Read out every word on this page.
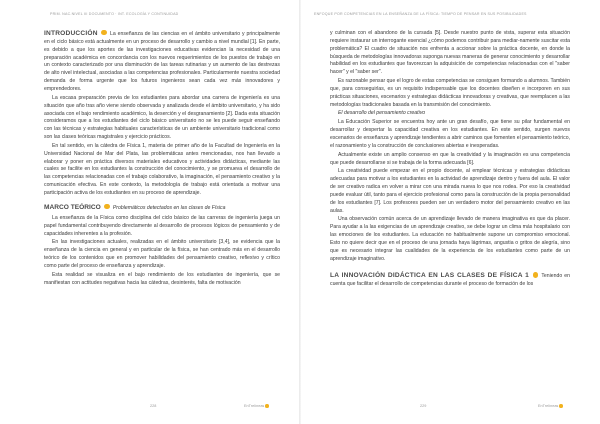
PRIM. NAC.NIVEL III DOCUMENTO · INT. ECOLOGÍA Y CONTINUIDAD

INTRODUCCIÓN La enseñanza de las ciencias en el ámbito universitario y principalmente en el ciclo básico está actualmente en un proceso de desarrollo y cambio a nivel mundial [1]. En parte, es debido a que los aportes de las investigaciones educativas evidencian la necesidad de una preparación académica en concordancia con los nuevos requerimientos de los puestos de trabajo en un contexto caracterizado por una disminución de las tareas rutinarias y un aumento de las destrezas de alto nivel intelectual, asociadas a las competencias profesionales. Particularmente nuestra sociedad demanda de forma urgente que los futuros ingenieros sean cada vez más innovadores y emprendedores.

La escasa preparación previa de los estudiantes para abordar una carrera de ingeniería es una situación que año tras año viene siendo observada y analizada desde el ámbito universitario, y ha sido asociada con el bajo rendimiento académico, la deserción y el desgranamiento [2]. Dada esta situación consideramos que a los estudiantes del ciclo básico universitario no se les puede seguir enseñando con las técnicas y estrategias habituales características de un ambiente universitario tradicional como son las clases teóricas magistrales y ejercicio prácticos.

En tal sentido, en la cátedra de Física 1, materia de primer año de la Facultad de Ingeniería en la Universidad Nacional de Mar del Plata, las problemáticas antes mencionadas, nos han llevado a elaborar y poner en práctica diversos materiales educativos y actividades didácticas, mediante las cuales se facilite en los estudiantes la construcción del conocimiento, y se promueva el desarrollo de las competencias relacionadas con el trabajo colaborativo, la imaginación, el pensamiento creativo y la comunicación efectiva. En este contexto, la metodología de trabajo está orientada a motivar una participación activa de los estudiantes en su proceso de aprendizaje.

MARCO TEÓRICO Problemáticos detectados en las clases de Física

La enseñanza de la Física como disciplina del ciclo básico de las carreras de ingeniería juega un papel fundamental contribuyendo directamente al desarrollo de procesos lógicos de pensamiento y de capacidades inherentes a la profesión.

En las investigaciones actuales, realizadas en el ámbito universitario [3,4], se evidencia que la enseñanza de la ciencia en general y en particular de la física, se han centrado más en el desarrollo teórico de los contenidos que en promover habilidades del pensamiento creativo, reflexivo y crítico como parte del proceso de enseñanza y aprendizaje.

Esta realidad se visualiza en el bajo rendimiento de los estudiantes de ingeniería, que se manifiestan con actitudes negativas hacia las cátedras, desinterés, falta de motivación

228	EnTrelíneas
ENFOQUE POR COMPETENCIAS EN LA ENSEÑANZA DE LA FÍSICA: TIEMPO DE PENSAR EN SUS POSIBILIDADES

y culminan con el abandono de la cursada [5]. Desde nuestro punto de vista, superar esta situación requiere instaurar un interrogante esencial ¿cómo podemos contribuir para mediar-namente suscitar esta problemática? El cuadro de situación nos enfrenta a accionar sobre la práctica docente, en donde la búsqueda de metodologías innovadoras suponga nuevas maneras de generar conocimiento y desarrollar habilidad en los estudiantes que favorezcan la adquisición de competencias relacionadas con el "saber hacer" y el "saber ser".

Es razonable pensar que el logro de estas competencias se consiguen formando a alumnos. También que, para conseguirlas, es un requisito indispensable que los docentes diseñen e incorporen en sus prácticas situaciones, escenarios y estrategias didácticas innovadoras y creativas, que reemplacen a las metodologías tradicionales basada en la transmisión del conocimiento.

El desarrollo del pensamiento creativo

La Educación Superior se encuentra hoy ante un gran desafío, que tiene su pilar fundamental en desarrollar y despertar la capacidad creativa en los estudiantes. En este sentido, surgen nuevos escenarios de enseñanza y aprendizaje tendientes a abrir caminos que fomenten el pensamiento teórico, el razonamiento y la construcción de conclusiones abiertas e inesperadas.

Actualmente existe un amplio consenso en que la creatividad y la imaginación es una competencia que puede desarrollarse si se trabaja de la forma adecuada [6].

La creatividad puede empezar en el propio docente, al emplear técnicas y estrategias didácticas adecuadas para motivar a los estudiantes en la actividad de aprendizaje dentro y fuera del aula. El valor de ser creativo radica en volver a mirar con una mirada nueva lo que nos rodea. Por eso la creatividad puede evaluar útil, tanto para el ejercicio profesional como para la construcción de la propia personalidad de los estudiantes [7]. Los profesores pueden ser un verdadero motor del pensamiento creativo en las aulas.

Una observación común acerca de un aprendizaje llevado de manera imaginativa es que da placer. Para ayudar a la las exigencias de un aprendizaje creativo, se debe lograr un clima más hospitalario con las emociones de los estudiantes. La educación no habitualmente supone un compromiso emocional. Esto no quiere decir que en el proceso de una jornada haya lágrimas, angustia o gritos de alegría, sino que es necesario integrar las cualidades de la experiencia de los estudiantes como parte de un aprendizaje imaginativo.

LA INNOVACIÓN DIDÁCTICA EN LAS CLASES DE FÍSICA 1 Teniendo en cuenta que facilitar el desarrollo de competencias durante el proceso de formación de los

229	EnTrelíneas
